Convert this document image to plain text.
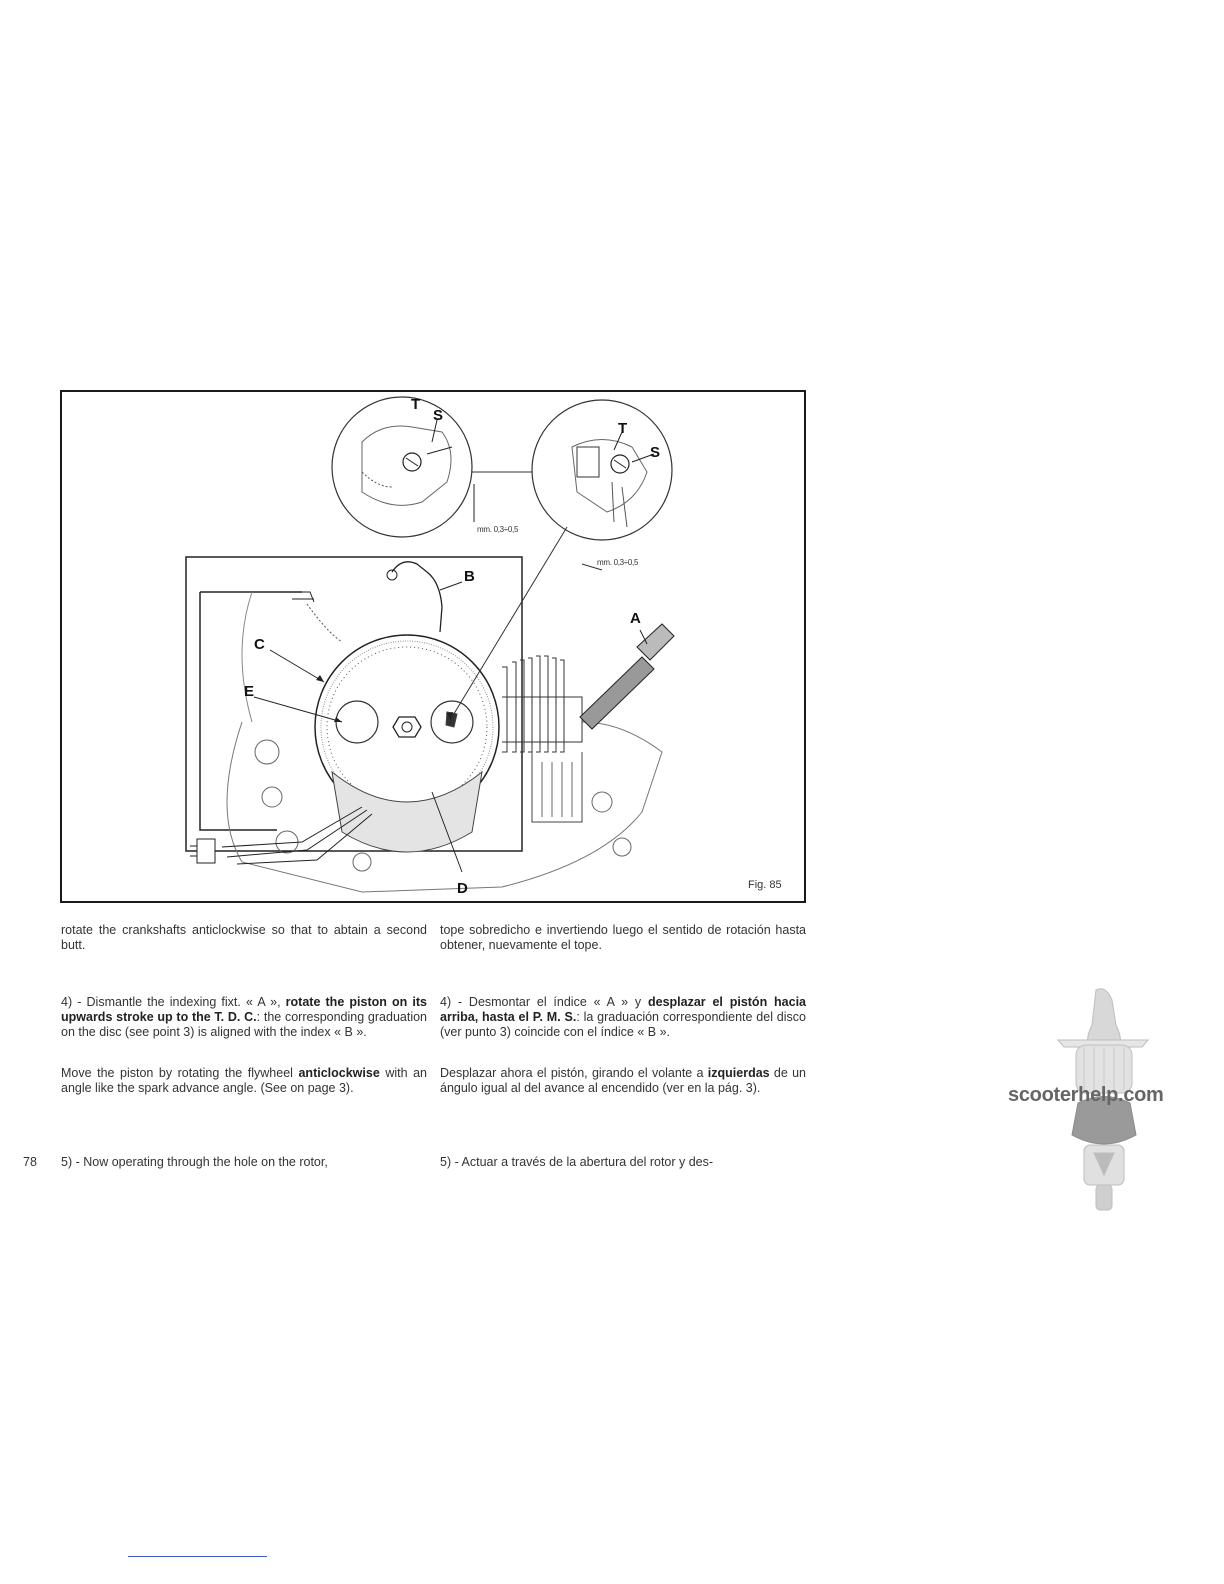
T
S
T
S
B
A
C
E
D
mm. 0,3÷0,5
mm. 0,3÷0,5
Fig. 85

rotate the crankshafts anticlockwise so that to abtain a second butt.

4) - Dismantle the indexing fixt. « A », rotate the piston on its upwards stroke up to the T. D. C.: the corresponding graduation on the disc (see point 3) is aligned with the index « B ».

Move the piston by rotating the flywheel anticlockwise with an angle like the spark advance angle. (See on page 3).

5) - Now operating through the hole on the rotor,

tope sobredicho e invertiendo luego el sentido de rotación hasta obtener, nuevamente el tope.

4) - Desmontar el índice « A » y desplazar el pistón hacia arriba, hasta el P. M. S.: la graduación correspondiente del disco (ver punto 3) coincide con el índice « B ».

Desplazar ahora el pistón, girando el volante a izquierdas de un ángulo igual al del avance al encendido (ver en la pág. 3).

5) - Actuar a través de la abertura del rotor y des-

78
scooterhelp.com
